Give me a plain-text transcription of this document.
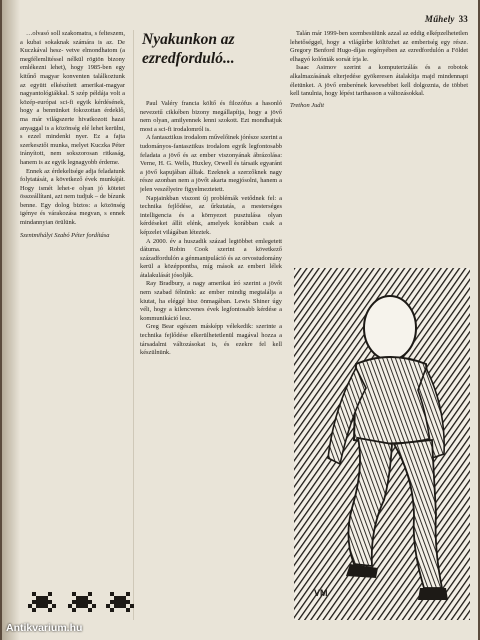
Műhely 33

…olvasó soll szakomatra, s felteszem, a kubai sokaknak számára is az. De Kuczkával hesz- vetve elmondhatom (a megfélemlitéssel nélkül rögtön bizony emlékezni lehet), hogy 1985-ben egy kitűnő magyar konventen találkoztunk az együtt elkészített amerikai-magyar nagyantológiákkal. S szép példája volt a közép-európai sci-fi egyik kérdésének, hogy a bennünket fokozottan érdeklő, ma már világszerte hivatkozott hazai anyaggal is a közönség elé lehet kerülni, s ezzel mindenki nyer. Ez a fajta szerkesztői munka, melyet Kuczka Péter irányított, nem sokszorosan ritkaság, hanem is az egyik legnagyobb érdeme.

Ennek az érdekeltsége adja feladatunk folytatását, a következő évek munkáját. Hogy ismét lehet-e olyan jó kötetet összeállítani, azt nem tudjuk – de bízunk benne. Egy dolog biztos: a közönség igénye és várakozása megvan, s ennek mindannyian örülünk.

Szentmihályi Szabó Péter fordítása
Nyakunkon az ezredforduló...

Paul Valéry francia költő és filozófus a hasonló nevezetű cikkében bizony megállapítja, hogy a jövő nem olyan, amilyennek lenni szokott. Ezt mondhatjuk most a sci-fi irodalomról is.

A fantasztikus irodalom művelőinek jórésze szerint a tudományos-fantasztikus irodalom egyik legfontosabb feladata a jövő és az ember viszonyának ábrázolása: Verne, H. G. Wells, Huxley, Orwell és társaik egyaránt a jövő kapujában álltak. Ezeknek a szerzőknek nagy része azonban nem a jövőt akarta megjósolni, hanem a jelen veszélyeire figyelmeztetett.

Napjainkban viszont új problémák vetődnek fel: a technika fejlődése, az űrkutatás, a mesterséges intelligencia és a környezet pusztulása olyan kérdéseket állít elénk, amelyek korábban csak a képzelet világában léteztek.

A 2000. év a huszadik század legtöbbet emlegetett dátuma. Robin Cook szerint a következő századfordulón a génmanipuláció és az orvostudomány kerül a középpontba, míg mások az emberi lélek átalakulását jósolják.

Ray Bradbury, a nagy amerikai író szerint a jövőt nem szabad félnünk: az ember mindig megtalálja a kiutat, ha eléggé hisz önmagában. Lewis Shiner úgy véli, hogy a kilencvenes évek legfontosabb kérdése a kommunikáció lesz.

Greg Bear egészen másképp vélekedik: szerinte a technika fejlődése elkerülhetetlenül magával hozza a társadalmi változásokat is, és ezekre fel kell készülnünk.

Talán már 1999-ben szembesülünk azzal az eddig elképzelhetetlen lehetőséggel, hogy a világűrbe költözhet az emberiség egy része. Gregory Benford Hugo-díjas regényében az ezredfordulón a Földet elhagyó kolóniák sorsát írja le.

Isaac Asimov szerint a komputerizálás és a robotok alkalmazásának elterjedése gyökeresen átalakítja majd mindennapi életünket. A jövő emberének kevesebbet kell dolgoznia, de többet kell tanulnia, hogy lépést tarthasson a változásokkal.

Trethon Judit
VM
Antikvarium.hu
